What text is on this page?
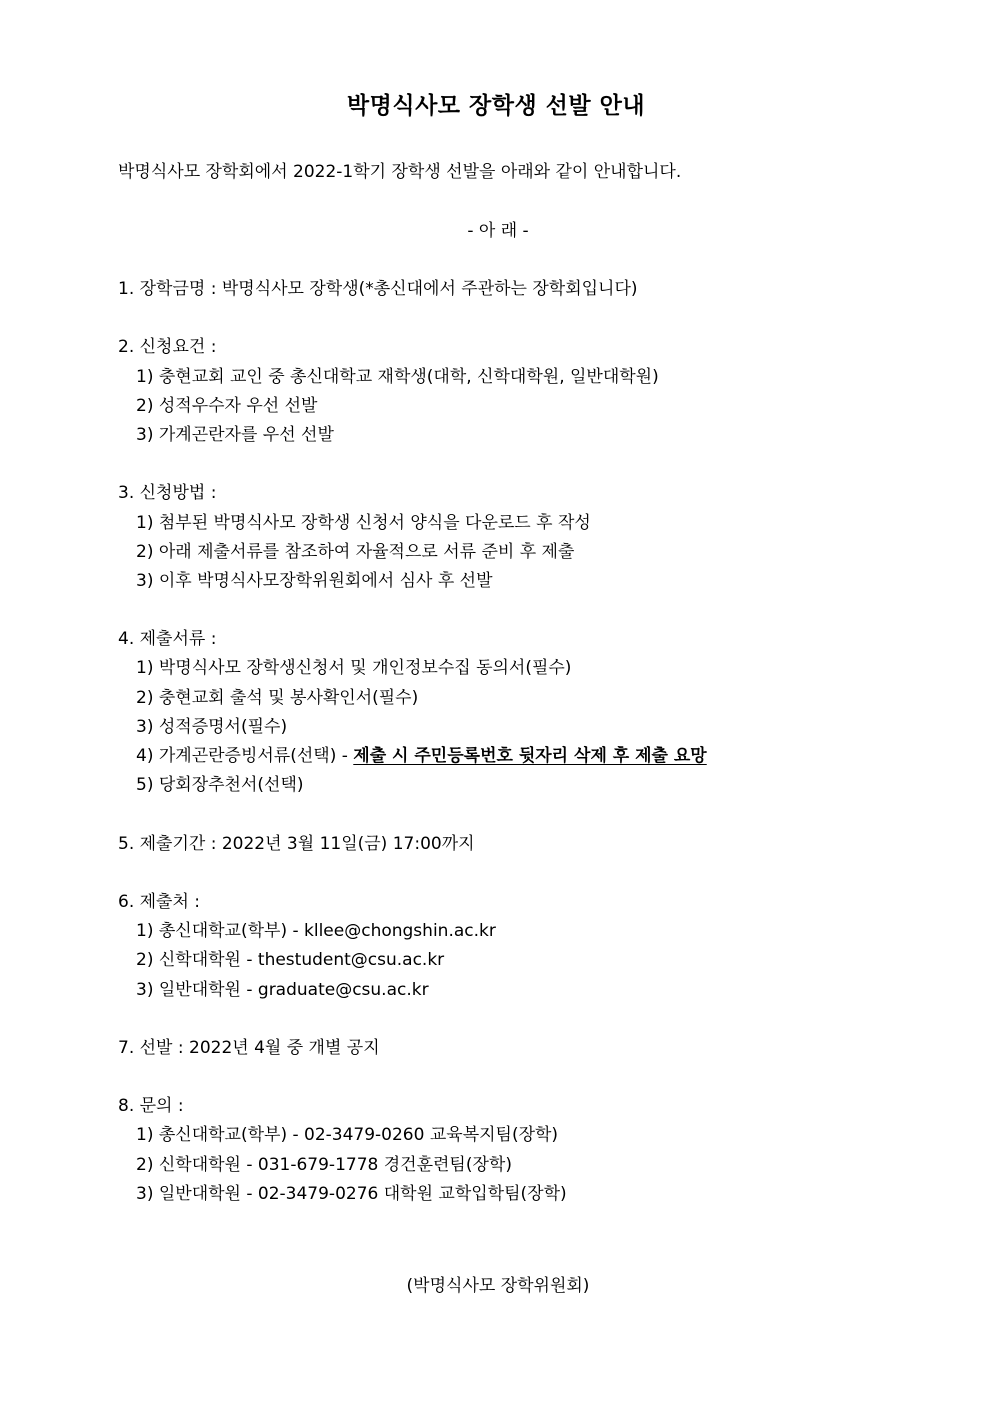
박명식사모 장학생 선발 안내
박명식사모 장학회에서 2022-1학기 장학생 선발을 아래와 같이 안내합니다.
- 아 래 -
1. 장학금명 : 박명식사모 장학생(*총신대에서 주관하는 장학회입니다)
2. 신청요건 :
1) 충현교회 교인 중 총신대학교 재학생(대학, 신학대학원, 일반대학원)
2) 성적우수자 우선 선발
3) 가계곤란자를 우선 선발
3. 신청방법 :
1) 첨부된 박명식사모 장학생 신청서 양식을 다운로드 후 작성
2) 아래 제출서류를 참조하여 자율적으로 서류 준비 후 제출
3) 이후 박명식사모장학위원회에서 심사 후 선발
4. 제출서류 :
1) 박명식사모 장학생신청서 및 개인정보수집 동의서(필수)
2) 충현교회 출석 및 봉사확인서(필수)
3) 성적증명서(필수)
4) 가계곤란증빙서류(선택) - 제출 시 주민등록번호 뒷자리 삭제 후 제출 요망
5) 당회장추천서(선택)
5. 제출기간 : 2022년 3월 11일(금) 17:00까지
6. 제출처 :
1) 총신대학교(학부) - kllee@chongshin.ac.kr
2) 신학대학원 - thestudent@csu.ac.kr
3) 일반대학원 - graduate@csu.ac.kr
7. 선발 : 2022년 4월 중 개별 공지
8. 문의 :
1) 총신대학교(학부) - 02-3479-0260 교육복지팀(장학)
2) 신학대학원 - 031-679-1778 경건훈련팀(장학)
3) 일반대학원 - 02-3479-0276 대학원 교학입학팀(장학)
(박명식사모 장학위원회)
